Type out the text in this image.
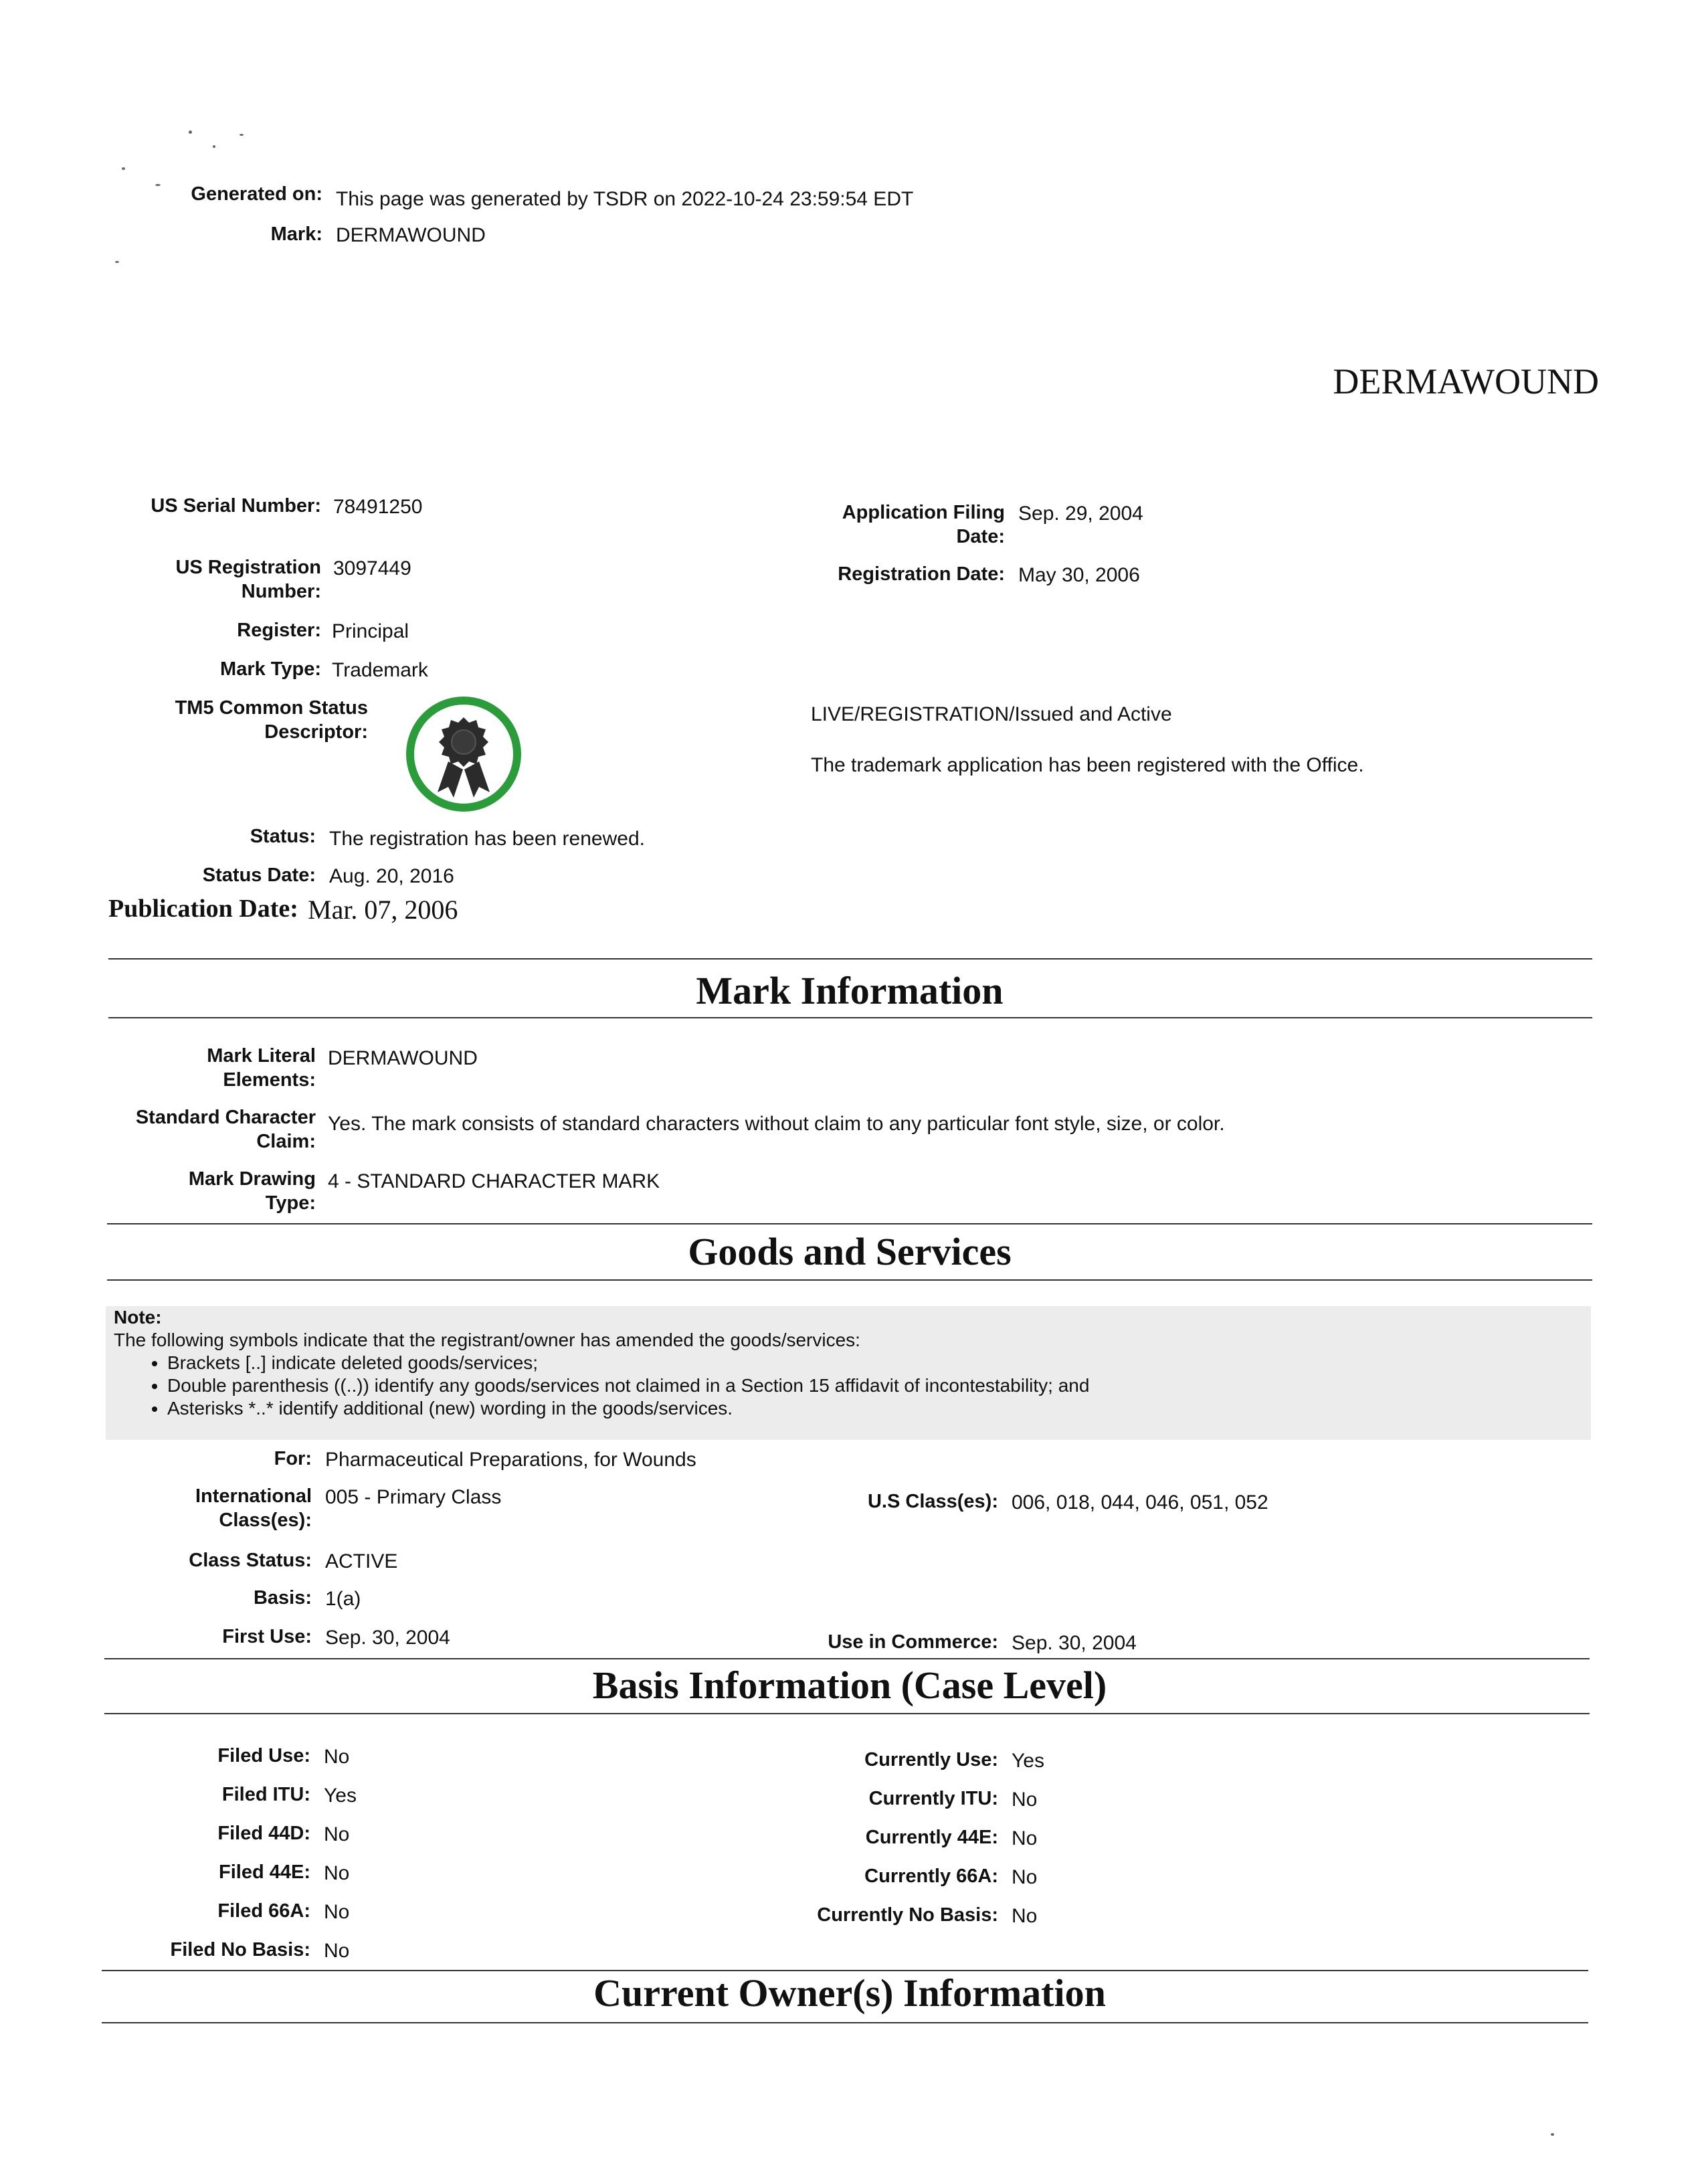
Generated on: This page was generated by TSDR on 2022-10-24 23:59:54 EDT
Mark: DERMAWOUND
DERMAWOUND
US Serial Number: 78491250
US Registration Number:
3097449
Register: Principal
Mark Type: Trademark
TM5 Common Status Descriptor:
Status: The registration has been renewed.
Status Date: Aug. 20, 2016
Publication Date: Mar. 07, 2006
Application Filing Date:
Sep. 29, 2004
Registration Date: May 30, 2006
LIVE/REGISTRATION/Issued and Active
The trademark application has been registered with the Office.
Mark Information
Mark Literal Elements:
DERMAWOUND
Standard Character Claim:
Yes. The mark consists of standard characters without claim to any particular font style, size, or color.
Mark Drawing Type:
4 - STANDARD CHARACTER MARK
Goods and Services
Note:
The following symbols indicate that the registrant/owner has amended the goods/services:
• Brackets [..] indicate deleted goods/services;
• Double parenthesis ((..)) identify any goods/services not claimed in a Section 15 affidavit of incontestability; and
• Asterisks *..* identify additional (new) wording in the goods/services.
For: Pharmaceutical Preparations, for Wounds
International Class(es):
005 - Primary Class	U.S Class(es): 006, 018, 044, 046, 051, 052
Class Status: ACTIVE
Basis: 1(a)
First Use: Sep. 30, 2004	Use in Commerce: Sep. 30, 2004
Basis Information (Case Level)
Filed Use: No
Filed ITU: Yes
Filed 44D: No
Filed 44E: No
Filed 66A: No
Filed No Basis: No
Currently Use: Yes
Currently ITU: No
Currently 44E: No
Currently 66A: No
Currently No Basis: No
Current Owner(s) Information
